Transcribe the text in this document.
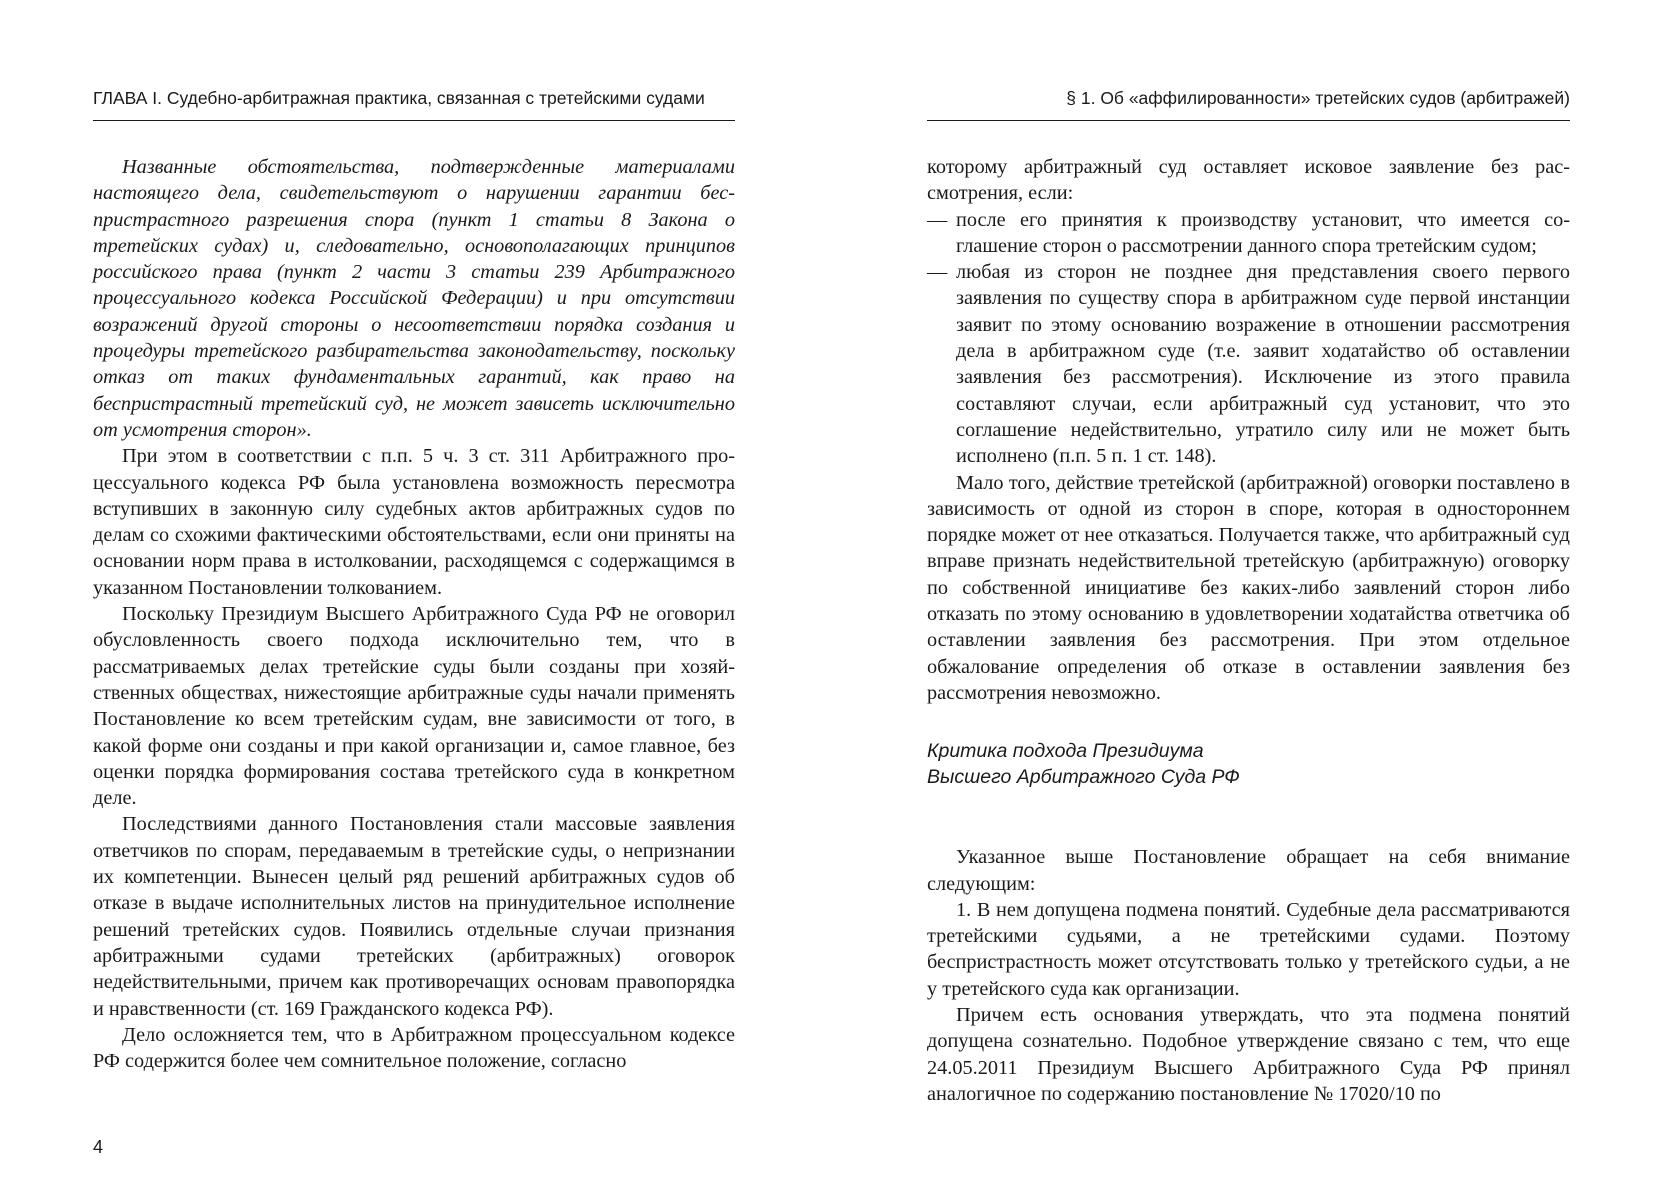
ГЛАВА I. Судебно-арбитражная практика, связанная с третейскими судами

Названные обстоятельства, подтвержденные материалами настоящего дела, свидетельствуют о нарушении гарантии беспристрастного разрешения спора (пункт 1 статьи 8 Закона о третейских судах) и, следовательно, основополагающих принципов российского права (пункт 2 части 3 статьи 239 Арбитражного процессуального кодекса Российской Федерации) и при отсутствии возражений другой стороны о несоответствии порядка создания и процедуры третейского разбирательства законодательству, поскольку отказ от таких фундаментальных гарантий, как право на беспристрастный третейский суд, не может зависеть исключительно от усмотрения сторон».

При этом в соответствии с п.п. 5 ч. 3 ст. 311 Арбитражного процессуального кодекса РФ была установлена возможность пересмотра вступивших в законную силу судебных актов арбитражных судов по делам со схожими фактическими обстоятельствами, если они приняты на основании норм права в истолковании, расходящемся с содержащимся в указанном Постановлении толкованием.

Поскольку Президиум Высшего Арбитражного Суда РФ не оговорил обусловленность своего подхода исключительно тем, что в рассматриваемых делах третейские суды были созданы при хозяйственных обществах, нижестоящие арбитражные суды начали применять Постановление ко всем третейским судам, вне зависимости от того, в какой форме они созданы и при какой организации и, самое главное, без оценки порядка формирования состава третейского суда в конкретном деле.

Последствиями данного Постановления стали массовые заявления ответчиков по спорам, передаваемым в третейские суды, о непризнании их компетенции. Вынесен целый ряд решений арбитражных судов об отказе в выдаче исполнительных листов на принудительное исполнение решений третейских судов. Появились отдельные случаи признания арбитражными судами третейских (арбитражных) оговорок недействительными, причем как противоречащих основам правопорядка и нравственности (ст. 169 Гражданского кодекса РФ).

Дело осложняется тем, что в Арбитражном процессуальном кодексе РФ содержится более чем сомнительное положение, согласно

4
§ 1. Об «аффилированности» третейских судов (арбитражей)

которому арбитражный суд оставляет исковое заявление без рассмотрения, если:

— после его принятия к производству установит, что имеется соглашение сторон о рассмотрении данного спора третейским судом;
— любая из сторон не позднее дня представления своего первого заявления по существу спора в арбитражном суде первой инстанции заявит по этому основанию возражение в отношении рассмотрения дела в арбитражном суде (т.е. заявит ходатайство об оставлении заявления без рассмотрения). Исключение из этого правила составляют случаи, если арбитражный суд установит, что это соглашение недействительно, утратило силу или не может быть исполнено (п.п. 5 п. 1 ст. 148).

Мало того, действие третейской (арбитражной) оговорки поставлено в зависимость от одной из сторон в споре, которая в одностороннем порядке может от нее отказаться. Получается также, что арбитражный суд вправе признать недействительной третейскую (арбитражную) оговорку по собственной инициативе без каких-либо заявлений сторон либо отказать по этому основанию в удовлетворении ходатайства ответчика об оставлении заявления без рассмотрения. При этом отдельное обжалование определения об отказе в оставлении заявления без рассмотрения невозможно.

Критика подхода Президиума
Высшего Арбитражного Суда РФ

Указанное выше Постановление обращает на себя внимание следующим:

1. В нем допущена подмена понятий. Судебные дела рассматриваются третейскими судьями, а не третейскими судами. Поэтому беспристрастность может отсутствовать только у третейского судьи, а не у третейского суда как организации.

Причем есть основания утверждать, что эта подмена понятий допущена сознательно. Подобное утверждение связано с тем, что еще 24.05.2011 Президиум Высшего Арбитражного Суда РФ принял аналогичное по содержанию постановление № 17020/10 по
